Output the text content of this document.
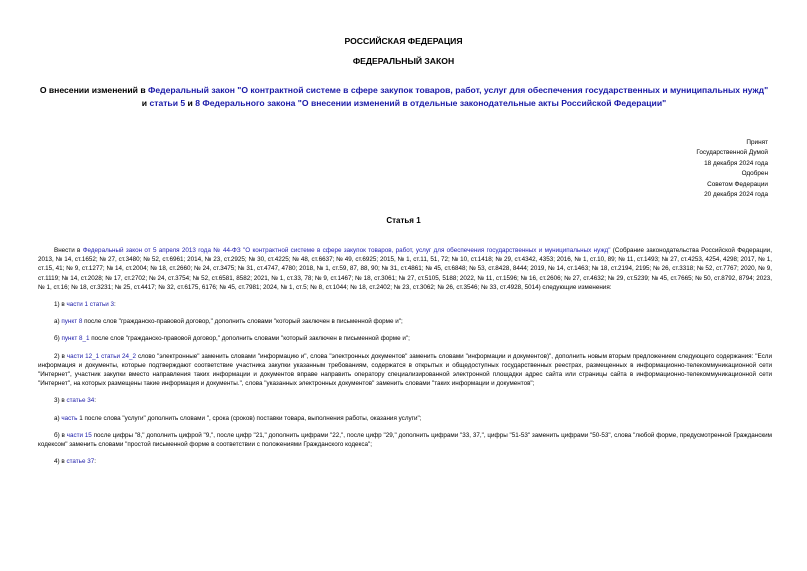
РОССИЙСКАЯ ФЕДЕРАЦИЯ
ФЕДЕРАЛЬНЫЙ ЗАКОН
О внесении изменений в Федеральный закон "О контрактной системе в сфере закупок товаров, работ, услуг для обеспечения государственных и муниципальных нужд" и статьи 5 и 8 Федерального закона "О внесении изменений в отдельные законодательные акты Российской Федерации"
Принят
Государственной Думой
18 декабря 2024 года
Одобрен
Советом Федерации
20 декабря 2024 года
Статья 1

Внести в Федеральный закон от 5 апреля 2013 года № 44-ФЗ "О контрактной системе в сфере закупок товаров, работ, услуг для обеспечения государственных и муниципальных нужд" (Собрание законодательства Российской Федерации, 2013, № 14, ст.1652; № 27, ст.3480; № 52, ст.6961; 2014, № 23, ст.2925; № 30, ст.4225; № 48, ст.6637; № 49, ст.6925; 2015, № 1, ст.11, 51, 72; № 10, ст.1418; № 29, ст.4342, 4353; 2016, № 1, ст.10, 89; № 11, ст.1493; № 27, ст.4253, 4254, 4298; 2017, № 1, ст.15, 41; № 9, ст.1277; № 14, ст.2004; № 18, ст.2660; № 24, ст.3475; № 31, ст.4747, 4780; 2018, № 1, ст.59, 87, 88, 90; № 31, ст.4861; № 45, ст.6848; № 53, ст.8428, 8444; 2019, № 14, ст.1463; № 18, ст.2194, 2195; № 26, ст.3318; № 52, ст.7767; 2020, № 9, ст.1119; № 14, ст.2028; № 17, ст.2702; № 24, ст.3754; № 52, ст.6581, 8582; 2021, № 1, ст.33, 78; № 9, ст.1467; № 18, ст.3061; № 27, ст.5105, 5188; 2022, № 11, ст.1596; № 16, ст.2606; № 27, ст.4632; № 29, ст.5239; № 45, ст.7665; № 50, ст.8792, 8794; 2023, № 1, ст.16; № 18, ст.3231; № 25, ст.4417; № 32, ст.6175, 6176; № 45, ст.7981; 2024, № 1, ст.5; № 8, ст.1044; № 18, ст.2402; № 23, ст.3062; № 26, ст.3546; № 33, ст.4928, 5014) следующие изменения:

1) в части 1 статьи 3:

а) пункт 8 после слов "гражданско-правовой договор," дополнить словами "который заключен в письменной форме и";

б) пункт 8_1 после слов "гражданско-правовой договор," дополнить словами "который заключен в письменной форме и";

2) в части 12_1 статьи 24_2 слово "электронные" заменить словами "информацию и", слова "электронных документов" заменить словами "информации и документов)", дополнить новым вторым предложением следующего содержания: "Если информация и документы, которые подтверждают соответствие участника закупки указанным требованиям, содержатся в открытых и общедоступных государственных реестрах, размещенных в информационно-телекоммуникационной сети "Интернет", участник закупки вместо направления таких информации и документов вправе направить оператору специализированной электронной площадки адрес сайта или страницы сайта в информационно-телекоммуникационной сети "Интернет", на которых размещены такие информация и документы.", слова "указанных электронных документов" заменить словами "таких информации и документов";

3) в статье 34:

а) часть 1 после слова "услуги" дополнить словами ", срока (сроков) поставки товара, выполнения работы, оказания услуги";

б) в части 15 после цифры "8," дополнить цифрой "9,", после цифр "21," дополнить цифрами "22,", после цифр "29," дополнить цифрами "33, 37,", цифры "51-53" заменить цифрами "50-53", слова "любой форме, предусмотренной Гражданским кодексом" заменить словами "простой письменной форме в соответствии с положениями Гражданского кодекса";

4) в статье 37:
